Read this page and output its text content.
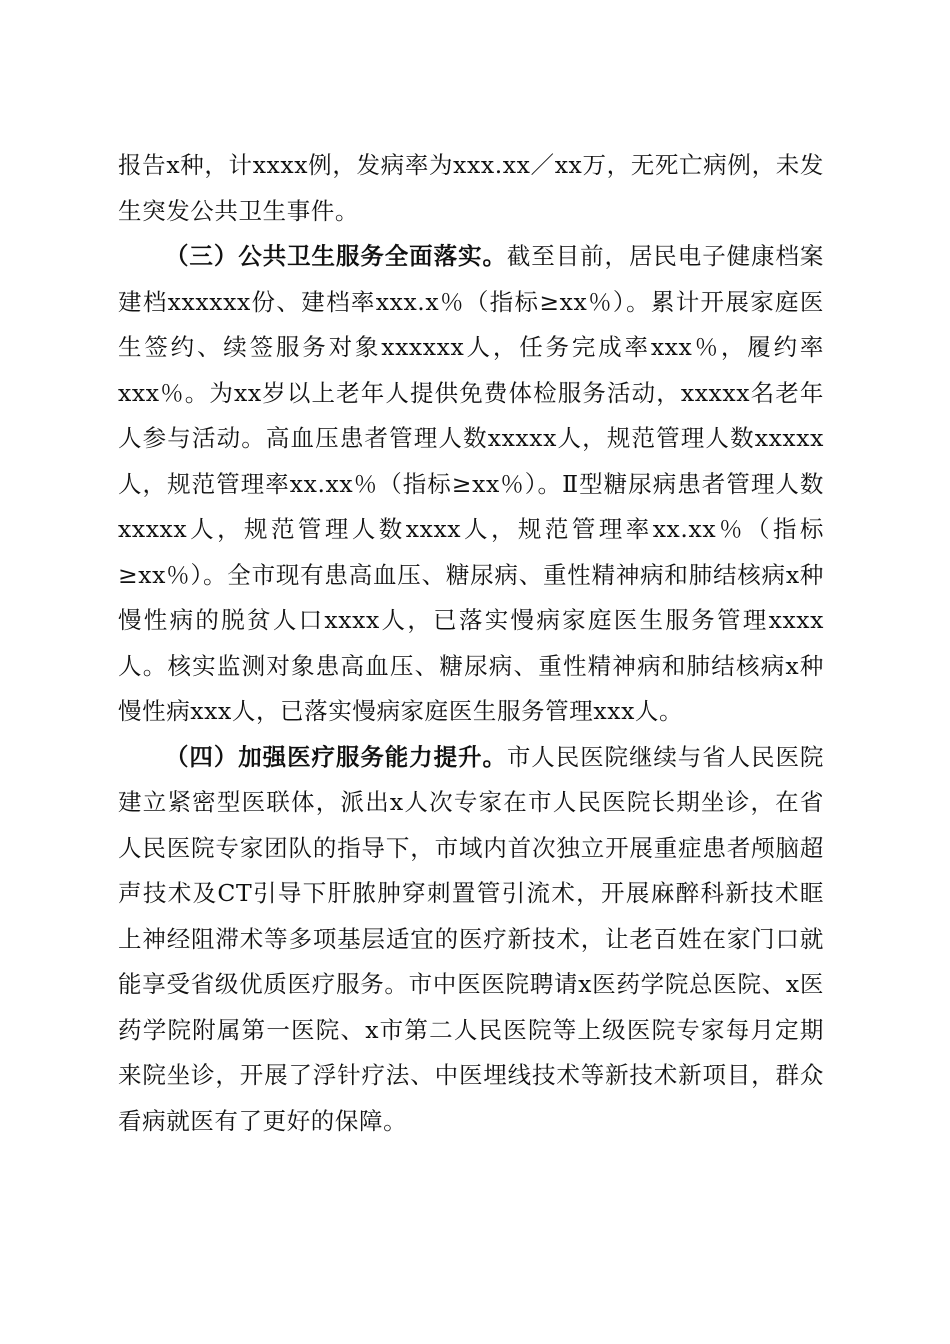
报告x种，计xxxx例，发病率为xxx.xx／xx万，无死亡病例，未发生突发公共卫生事件。

（三）公共卫生服务全面落实。截至目前，居民电子健康档案建档xxxxxx份、建档率xxx.x％（指标≥xx％）。累计开展家庭医生签约、续签服务对象xxxxxx人，任务完成率xxx％，履约率xxx％。为xx岁以上老年人提供免费体检服务活动，xxxxx名老年人参与活动。高血压患者管理人数xxxxx人，规范管理人数xxxxx人，规范管理率xx.xx％（指标≥xx％）。Ⅱ型糖尿病患者管理人数xxxxx人，规范管理人数xxxx人，规范管理率xx.xx％（指标≥xx％）。全市现有患高血压、糖尿病、重性精神病和肺结核病x种慢性病的脱贫人口xxxx人，已落实慢病家庭医生服务管理xxxx人。核实监测对象患高血压、糖尿病、重性精神病和肺结核病x种慢性病xxx人，已落实慢病家庭医生服务管理xxx人。

（四）加强医疗服务能力提升。市人民医院继续与省人民医院建立紧密型医联体，派出x人次专家在市人民医院长期坐诊，在省人民医院专家团队的指导下，市域内首次独立开展重症患者颅脑超声技术及CT引导下肝脓肿穿刺置管引流术，开展麻醉科新技术眶上神经阻滞术等多项基层适宜的医疗新技术，让老百姓在家门口就能享受省级优质医疗服务。市中医医院聘请x医药学院总医院、x医药学院附属第一医院、x市第二人民医院等上级医院专家每月定期来院坐诊，开展了浮针疗法、中医埋线技术等新技术新项目，群众看病就医有了更好的保障。
